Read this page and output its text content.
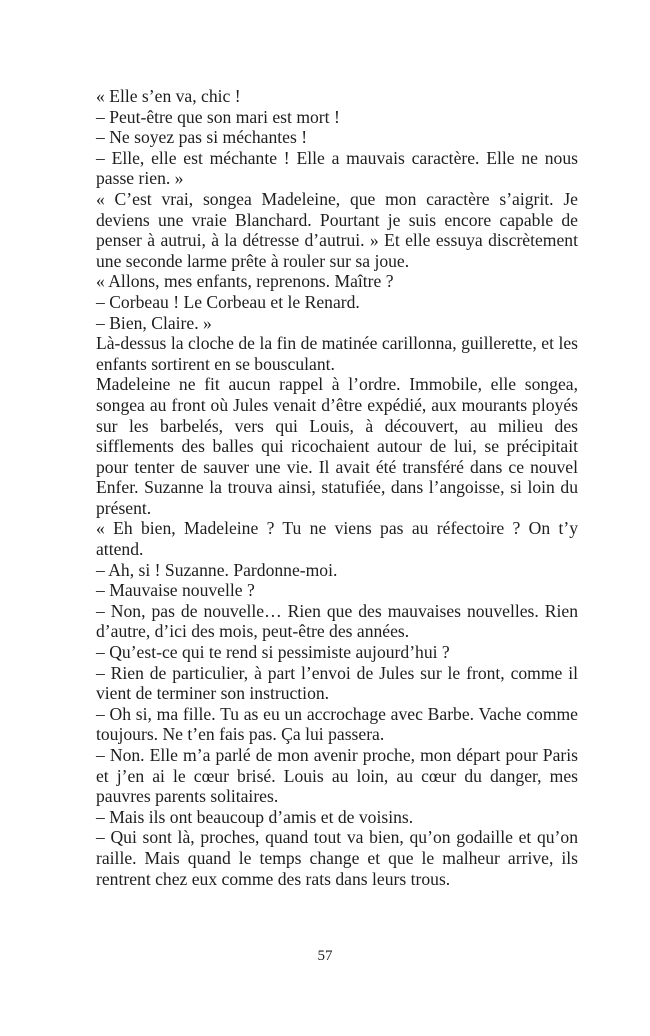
« Elle s’en va, chic !

– Peut-être que son mari est mort !

– Ne soyez pas si méchantes !

– Elle, elle est méchante ! Elle a mauvais caractère. Elle ne nous passe rien. »

« C’est vrai, songea Madeleine, que mon caractère s’aigrit. Je deviens une vraie Blanchard. Pourtant je suis encore capable de penser à autrui, à la détresse d’autrui. » Et elle essuya discrètement une seconde larme prête à rouler sur sa joue.

« Allons, mes enfants, reprenons. Maître ?

– Corbeau ! Le Corbeau et le Renard.

– Bien, Claire. »

Là-dessus la cloche de la fin de matinée carillonna, guillerette, et les enfants sortirent en se bousculant.

Madeleine ne fit aucun rappel à l’ordre. Immobile, elle songea, songea au front où Jules venait d’être expédié, aux mourants ployés sur les barbelés, vers qui Louis, à découvert, au milieu des sifflements des balles qui ricochaient autour de lui, se précipitait pour tenter de sauver une vie. Il avait été transféré dans ce nouvel Enfer. Suzanne la trouva ainsi, statufiée, dans l’angoisse, si loin du présent.

« Eh bien, Madeleine ? Tu ne viens pas au réfectoire ? On t’y attend.

– Ah, si ! Suzanne. Pardonne-moi.

– Mauvaise nouvelle ?

– Non, pas de nouvelle… Rien que des mauvaises nouvelles. Rien d’autre, d’ici des mois, peut-être des années.

– Qu’est-ce qui te rend si pessimiste aujourd’hui ?

– Rien de particulier, à part l’envoi de Jules sur le front, comme il vient de terminer son instruction.

– Oh si, ma fille. Tu as eu un accrochage avec Barbe. Vache comme toujours. Ne t’en fais pas. Ça lui passera.

– Non. Elle m’a parlé de mon avenir proche, mon départ pour Paris et j’en ai le cœur brisé. Louis au loin, au cœur du danger, mes pauvres parents solitaires.

– Mais ils ont beaucoup d’amis et de voisins.

– Qui sont là, proches, quand tout va bien, qu’on godaille et qu’on raille. Mais quand le temps change et que le malheur arrive, ils rentrent chez eux comme des rats dans leurs trous.

57
